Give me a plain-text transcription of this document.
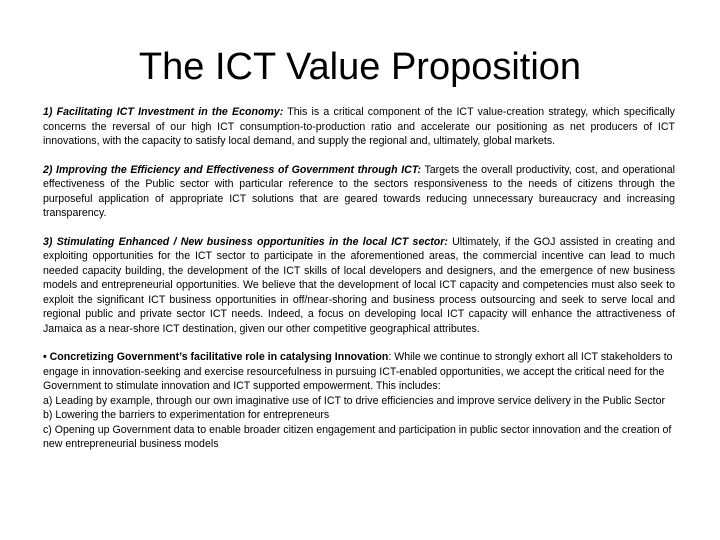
The ICT Value Proposition

1) Facilitating ICT Investment in the Economy: This is a critical component of the ICT value-creation strategy, which specifically concerns the reversal of our high ICT consumption-to-production ratio and accelerate our positioning as net producers of ICT innovations, with the capacity to satisfy local demand, and supply the regional and, ultimately, global markets.

2) Improving the Efficiency and Effectiveness of Government through ICT: Targets the overall productivity, cost, and operational effectiveness of the Public sector with particular reference to the sectors responsiveness to the needs of citizens through the purposeful application of appropriate ICT solutions that are geared towards reducing unnecessary bureaucracy and increasing transparency.

3) Stimulating Enhanced / New business opportunities in the local ICT sector: Ultimately, if the GOJ assisted in creating and exploiting opportunities for the ICT sector to participate in the aforementioned areas, the commercial incentive can lead to much needed capacity building, the development of the ICT skills of local developers and designers, and the emergence of new business models and entrepreneurial opportunities. We believe that the development of local ICT capacity and competencies must also seek to exploit the significant ICT business opportunities in off/near-shoring and business process outsourcing and seek to serve local and regional public and private sector ICT needs. Indeed, a focus on developing local ICT capacity will enhance the attractiveness of Jamaica as a near-shore ICT destination, given our other competitive geographical attributes.

• Concretizing Government’s facilitative role in catalysing Innovation: While we continue to strongly exhort all ICT stakeholders to engage in innovation-seeking and exercise resourcefulness in pursuing ICT-enabled opportunities, we accept the critical need for the Government to stimulate innovation and ICT supported empowerment. This includes:
a) Leading by example, through our own imaginative use of ICT to drive efficiencies and improve service delivery in the Public Sector
b) Lowering the barriers to experimentation for entrepreneurs
c) Opening up Government data to enable broader citizen engagement and participation in public sector innovation and the creation of new entrepreneurial business models
